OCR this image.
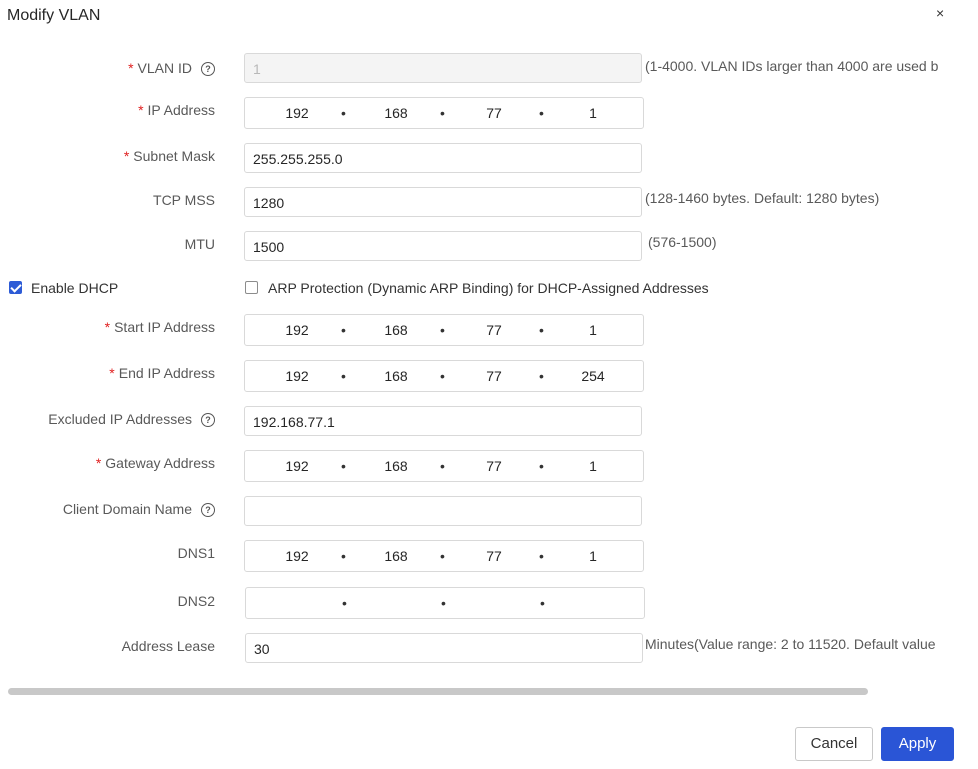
Modify VLAN	×
* VLAN ID ?	1	(1-4000. VLAN IDs larger than 4000 are used b
* IP Address	192	•	168	•	77	•	1
* Subnet Mask	255.255.255.0
TCP MSS	1280	(128-1460 bytes. Default: 1280 bytes)
MTU	1500	(576-1500)
Enable DHCP	ARP Protection (Dynamic ARP Binding) for DHCP-Assigned Addresses
* Start IP Address	192	•	168	•	77	•	1
* End IP Address	192	•	168	•	77	•	254
Excluded IP Addresses ?	192.168.77.1
* Gateway Address	192	•	168	•	77	•	1
Client Domain Name ?
DNS1	192	•	168	•	77	•	1
DNS2	•	•	•
Address Lease	30	Minutes(Value range: 2 to 11520. Default value
Cancel	Apply
